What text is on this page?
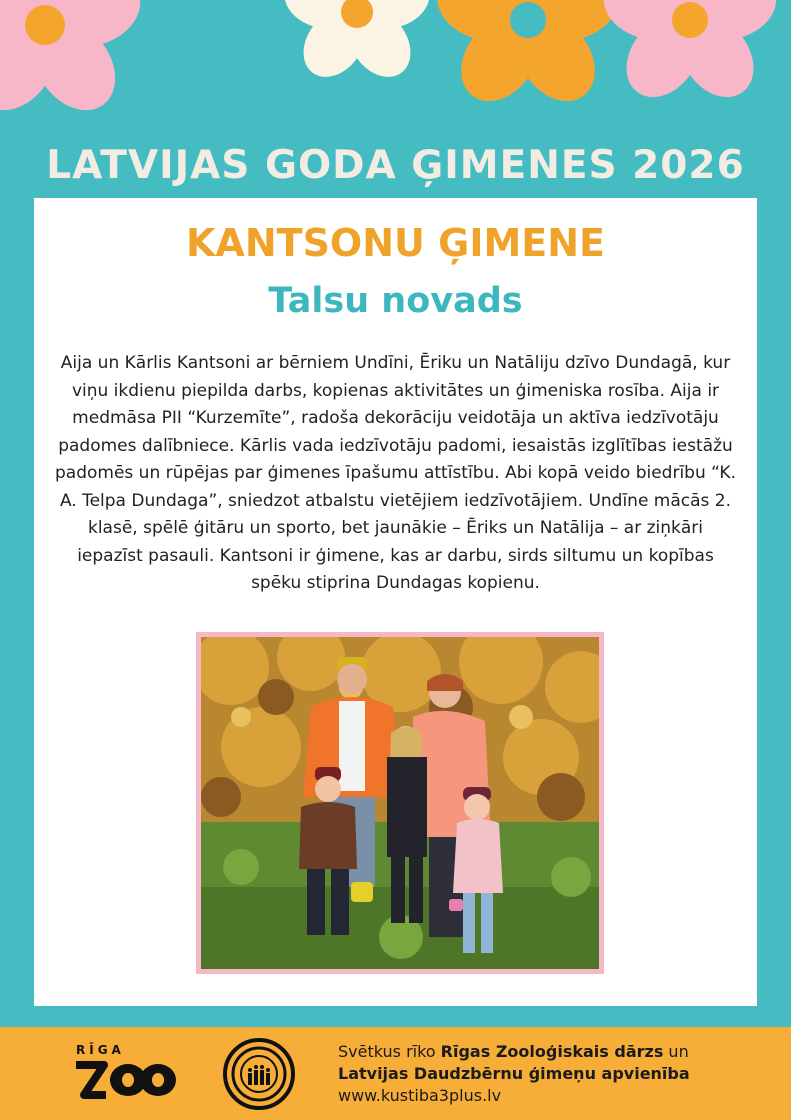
LATVIJAS GODA ĢIMENES 2026
KANTSONU ĢIMENE
Talsu novads

Aija un Kārlis Kantsoni ar bērniem Undīni, Ēriku un Natāliju dzīvo Dundagā, kur viņu ikdienu piepilda darbs, kopienas aktivitātes un ģimeniska rosība. Aija ir medmāsa PII “Kurzemīte”, radoša dekorāciju veidotāja un aktīva iedzīvotāju padomes dalībniece. Kārlis vada iedzīvotāju padomi, iesaistās izglītības iestāžu padomēs un rūpējas par ģimenes īpašumu attīstību. Abi kopā veido biedrību “K. A. Telpa Dundaga”, sniedzot atbalstu vietējiem iedzīvotājiem. Undīne mācās 2. klasē, spēlē ģitāru un sporto, bet jaunākie – Ēriks un Natālija – ar ziņkāri iepazīst pasauli. Kantsoni ir ģimene, kas ar darbu, sirds siltumu un kopības spēku stiprina Dundagas kopienu.

RĪGA	Svētkus rīko Rīgas Zooloģiskais dārzs un
Latvijas Daudzbērnu ģimeņu apvienība
www.kustiba3plus.lv
